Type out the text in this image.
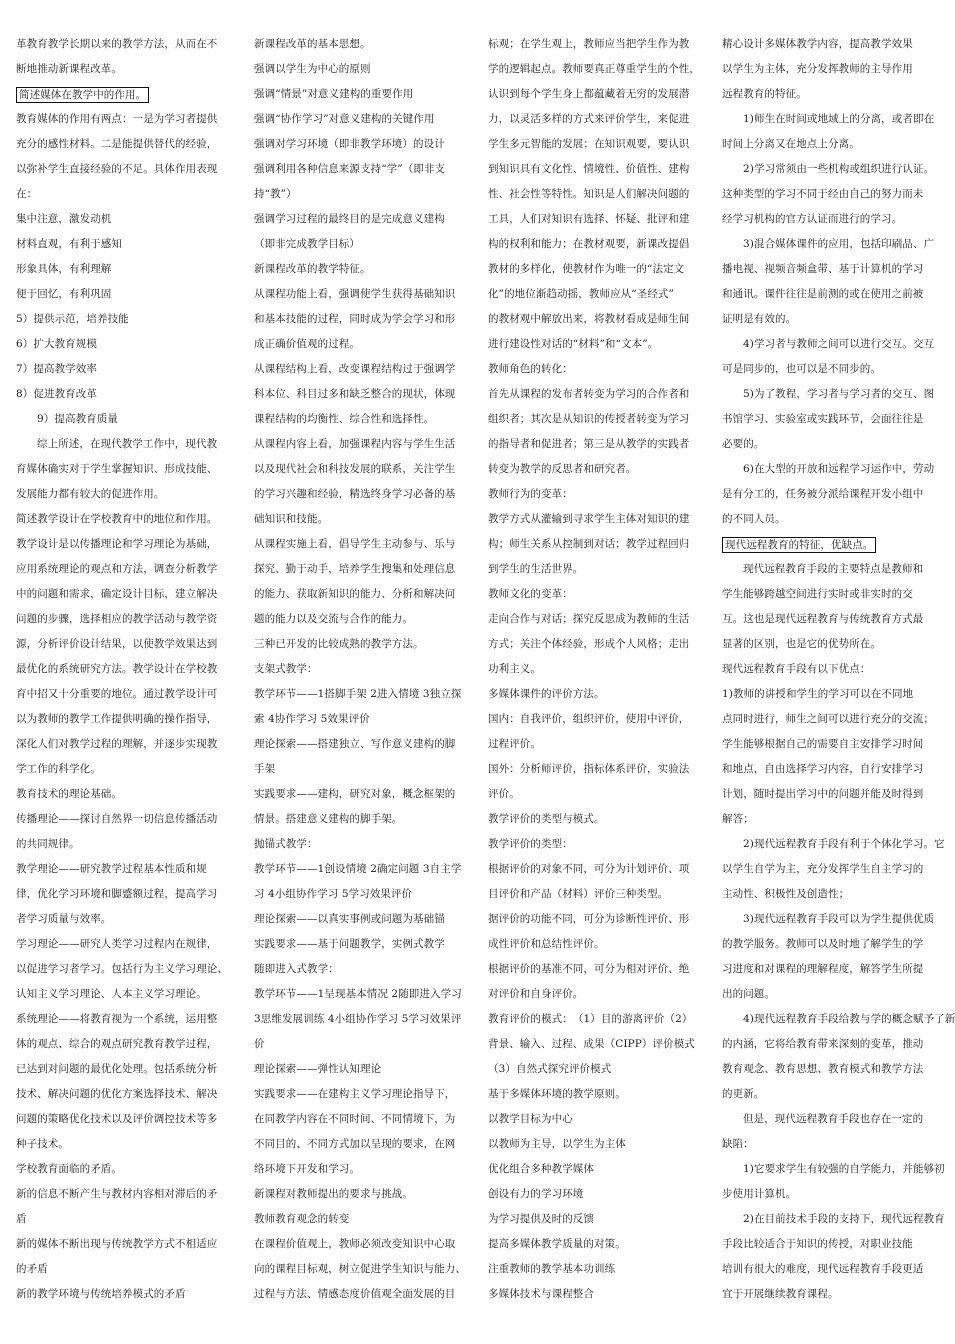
革教育教学长期以来的教学方法，从而在不
断地推动新课程改革。
简述媒体在教学中的作用。
教育媒体的作用有两点：一是为学习者提供
充分的感性材料。二是能提供替代的经验，
以弥补学生直接经验的不足。具体作用表现
在：
集中注意，激发动机
材料直观，有利于感知
形象具体，有利理解
便于回忆，有利巩固
5）提供示范，培养技能
6）扩大教育规模
7）提高教学效率
8）促进教育改革
9）提高教育质量
综上所述，在现代教学工作中，现代教
育媒体确实对于学生掌握知识、形成技能、
发展能力都有较大的促进作用。
简述教学设计在学校教育中的地位和作用。
教学设计是以传播理论和学习理论为基础，
应用系统理论的观点和方法，调查分析教学
中的问题和需求，确定设计目标，建立解决
问题的步骤，选择相应的教学活动与教学资
源，分析评价设计结果，以使教学效果达到
最优化的系统研究方法。教学设计在学校教
育中招又十分重要的地位。通过教学设计可
以为教师的教学工作提供明确的操作指导，
深化人们对教学过程的理解，并逐步实现教
学工作的科学化。
教育技术的理论基础。
传播理论——探讨自然界一切信息传播活动
的共同规律。
教学理论——研究教学过程基本性质和规
律，优化学习环境和脚蹙额过程，提高学习
者学习质量与效率。
学习理论——研究人类学习过程内在规律，
以促进学习者学习。包括行为主义学习理论、
认知主义学习理论、人本主义学习理论。
系统理论——将教育视为一个系统，运用整
体的观点、综合的观点研究教育教学过程，
已达到对问题的最优化处理。包括系统分析
技术、解决问题的优化方案选择技术、解决
问题的策略优化技术以及评价调控技术等多
种子技术。
学校教育面临的矛盾。
新的信息不断产生与教材内容相对滞后的矛
盾
新的媒体不断出现与传统教学方式不相适应
的矛盾
新的教学环境与传统培养模式的矛盾
新课程改革的基本思想。
强调以学生为中心的原则
强调“情景”对意义建构的重要作用
强调“协作学习”对意义建构的关键作用
强调对学习环境（即非教学环境）的设计
强调利用各种信息来源支持“学”（即非支
持“教”）
强调学习过程的最终目的是完成意义建构
（即非完成教学目标）
新课程改革的教学特征。
从课程功能上看，强调使学生获得基础知识
和基本技能的过程，同时成为学会学习和形
成正确价值观的过程。
从课程结构上看，改变课程结构过于强调学
科本位、科目过多和缺乏整合的现状，体现
课程结构的均衡性、综合性和选择性。
从课程内容上看，加强课程内容与学生生活
以及现代社会和科技发展的联系，关注学生
的学习兴趣和经验，精选终身学习必备的基
础知识和技能。
从课程实施上看，倡导学生主动参与、乐与
探究、勤于动手，培养学生搜集和处理信息
的能力、获取新知识的能力、分析和解决问
题的能力以及交流与合作的能力。
三种已开发的比较成熟的教学方法。
支架式教学：
教学环节——1搭脚手架 2进入情境 3独立探
索 4协作学习 5效果评价
理论探索——搭建独立、写作意义建构的脚
手架
实践要求——建构，研究对象，概念框架的
情景。搭建意义建构的脚手架。
抛锚式教学：
教学环节——1创设情境 2确定问题 3自主学
习 4小组协作学习 5学习效果评价
理论探索——以真实事例或问题为基础锚
实践要求——基于问题教学，实例式教学
随即进入式教学：
教学环节——1呈现基本情况 2随即进入学习
3思维发展训练 4小组协作学习 5学习效果评
价
理论探索——弹性认知理论
实践要求——在建构主义学习理论指导下，
在同教学内容在不同时间、不同情境下，为
不同目的、不同方式加以呈现的要求，在网
络环境下开发和学习。
新课程对教师提出的要求与挑战。
教师教育观念的转变
在课程价值观上，教师必须改变知识中心取
向的课程目标观，树立促进学生知识与能力、
过程与方法、情感态度价值观全面发展的目
标观；在学生观上，教师应当把学生作为教
学的逻辑起点。教师要真正尊重学生的个性，
认识到每个学生身上都蕴藏着无穷的发展潜
力，以灵活多样的方式来评价学生，来促进
学生多元智能的发展；在知识观要，要认识
到知识具有文化性、情境性、价值性、建构
性、社会性等特性。知识是人们解决问题的
工具，人们对知识有选择、怀疑、批评和建
构的权利和能力；在教材观要，新课改提倡
教材的多样化，使教材作为唯一的“法定文
化”的地位渐趋动摇，教师应从“圣经式”
的教材观中解放出来，将教材看成是师生间
进行建设性对话的“材料”和“文本”。
教师角色的转化：
首先从课程的发布者转变为学习的合作者和
组织者；其次是从知识的传授者转变为学习
的指导者和促进者；第三是从教学的实践者
转变为教学的反思者和研究者。
教师行为的变革：
教学方式从灌输到寻求学生主体对知识的建
构；师生关系从控制到对话；教学过程回归
到学生的生活世界。
教师文化的变革：
走向合作与对话；探究反思成为教师的生活
方式；关注个体经验，形成个人风格；走出
功利主义。
多媒体课件的评价方法。
国内：自我评价，组织评价，使用中评价，
过程评价。
国外：分析师评价，指标体系评价，实验法
评价。
教学评价的类型与模式。
教学评价的类型：
根据评价的对象不同，可分为计划评价、项
目评价和产品（材料）评价三种类型。
据评价的功能不同，可分为诊断性评价、形
成性评价和总结性评价。
根据评价的基准不同，可分为相对评价、绝
对评价和自身评价。
教育评价的模式：　（1）目的游离评价（2）
背景、输入、过程、成果（CIPP）评价模式
（3）自然式探究评价模式
基于多媒体环境的教学原则。
以教学目标为中心
以教师为主导，以学生为主体
优化组合多种教学媒体
创设有力的学习环境
为学习提供及时的反馈
提高多媒体教学质量的对策。
注重教师的教学基本功训练
多媒体技术与课程整合
精心设计多媒体教学内容，提高教学效果
以学生为主体，充分发挥教师的主导作用
远程教育的特征。
1)师生在时间或地域上的分离，或者即在
时间上分离又在地点上分离。
2)学习常须由一些机构或组织进行认证。
这种类型的学习不同于经由自己的努力而未
经学习机构的官方认证而进行的学习。
3)混合媒体课件的应用，包括印刷品、广
播电视、视频音频盒带、基于计算机的学习
和通讯。课件往往是前测的或在使用之前被
证明是有效的。
4)学习者与教师之间可以进行交互。交互
可是同步的，也可以是不同步的。
5)为了教程，学习者与学习者的交互、图
书馆学习、实验室或实践环节，会面往往是
必要的。
6)在大型的开放和远程学习运作中，劳动
是有分工的，任务被分派给课程开发小组中
的不同人员。
现代远程教育的特征，优缺点。
现代远程教育手段的主要特点是教师和
学生能够跨越空间进行实时或非实时的交
互。这也是现代远程教育与传统教育方式最
显著的区别，也是它的优势所在。
现代远程教育手段有以下优点：
1)教师的讲授和学生的学习可以在不同地
点同时进行，师生之间可以进行充分的交流；
学生能够根据自己的需要自主安排学习时间
和地点，自由选择学习内容，自行安排学习
计划，随时提出学习中的问题并能及时得到
解答；
2)现代远程教育手段有利于个体化学习。它
以学生自学为主，充分发挥学生自主学习的
主动性、积极性及创造性；
3)现代远程教育手段可以为学生提供优质
的教学服务。教师可以及时地了解学生的学
习进度和对课程的理解程度，解答学生所提
出的问题。
4)现代远程教育手段给教与学的概念赋予了新
的内涵，它将给教育带来深刻的变革，推动
教育观念、教育思想、教育模式和教学方法
的更新。
但是，现代远程教育手段也存在一定的
缺陷：
1)它要求学生有较强的自学能力，并能够初
步使用计算机。
2)在目前技术手段的支持下，现代远程教育
手段比较适合于知识的传授，对职业技能
培训有很大的难度，现代远程教育手段更适
宜于开展继续教育课程。
